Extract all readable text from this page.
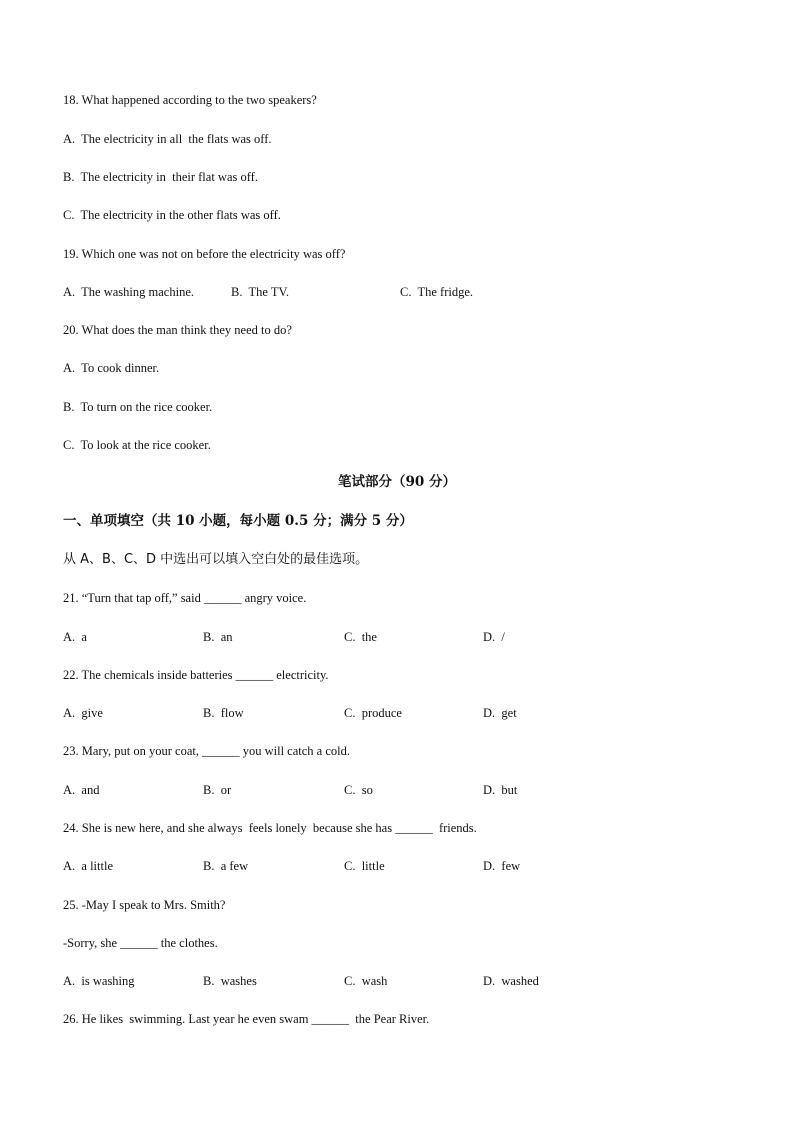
18. What happened according to the two speakers?
A.  The electricity in all  the flats was off.
B.  The electricity in  their flat was off.
C.  The electricity in the other flats was off.
19. Which one was not on before the electricity was off?
A.  The washing machine.	B.  The TV.	C.  The fridge.
20. What does the man think they need to do?
A.  To cook dinner.
B.  To turn on the rice cooker.
C.  To look at the rice cooker.
笔试部分（90 分）
一、单项填空（共 10 小题，每小题 0.5 分；满分 5 分）
从 A、B、C、D 中选出可以填入空白处的最佳选项。
21. “Turn that tap off,” said ______ angry voice.
A.  a	B.  an	C.  the	D.  /
22. The chemicals inside batteries ______ electricity.
A.  give	B.  flow	C.  produce	D.  get
23. Mary, put on your coat, ______ you will catch a cold.
A.  and	B.  or	C.  so	D.  but
24. She is new here, and she always  feels lonely  because she has ______  friends.
A.  a little	B.  a few	C.  little	D.  few
25. -May I speak to Mrs. Smith?
-Sorry, she ______ the clothes.
A.  is washing	B.  washes	C.  wash	D.  washed
26. He likes  swimming. Last year he even swam ______  the Pear River.
